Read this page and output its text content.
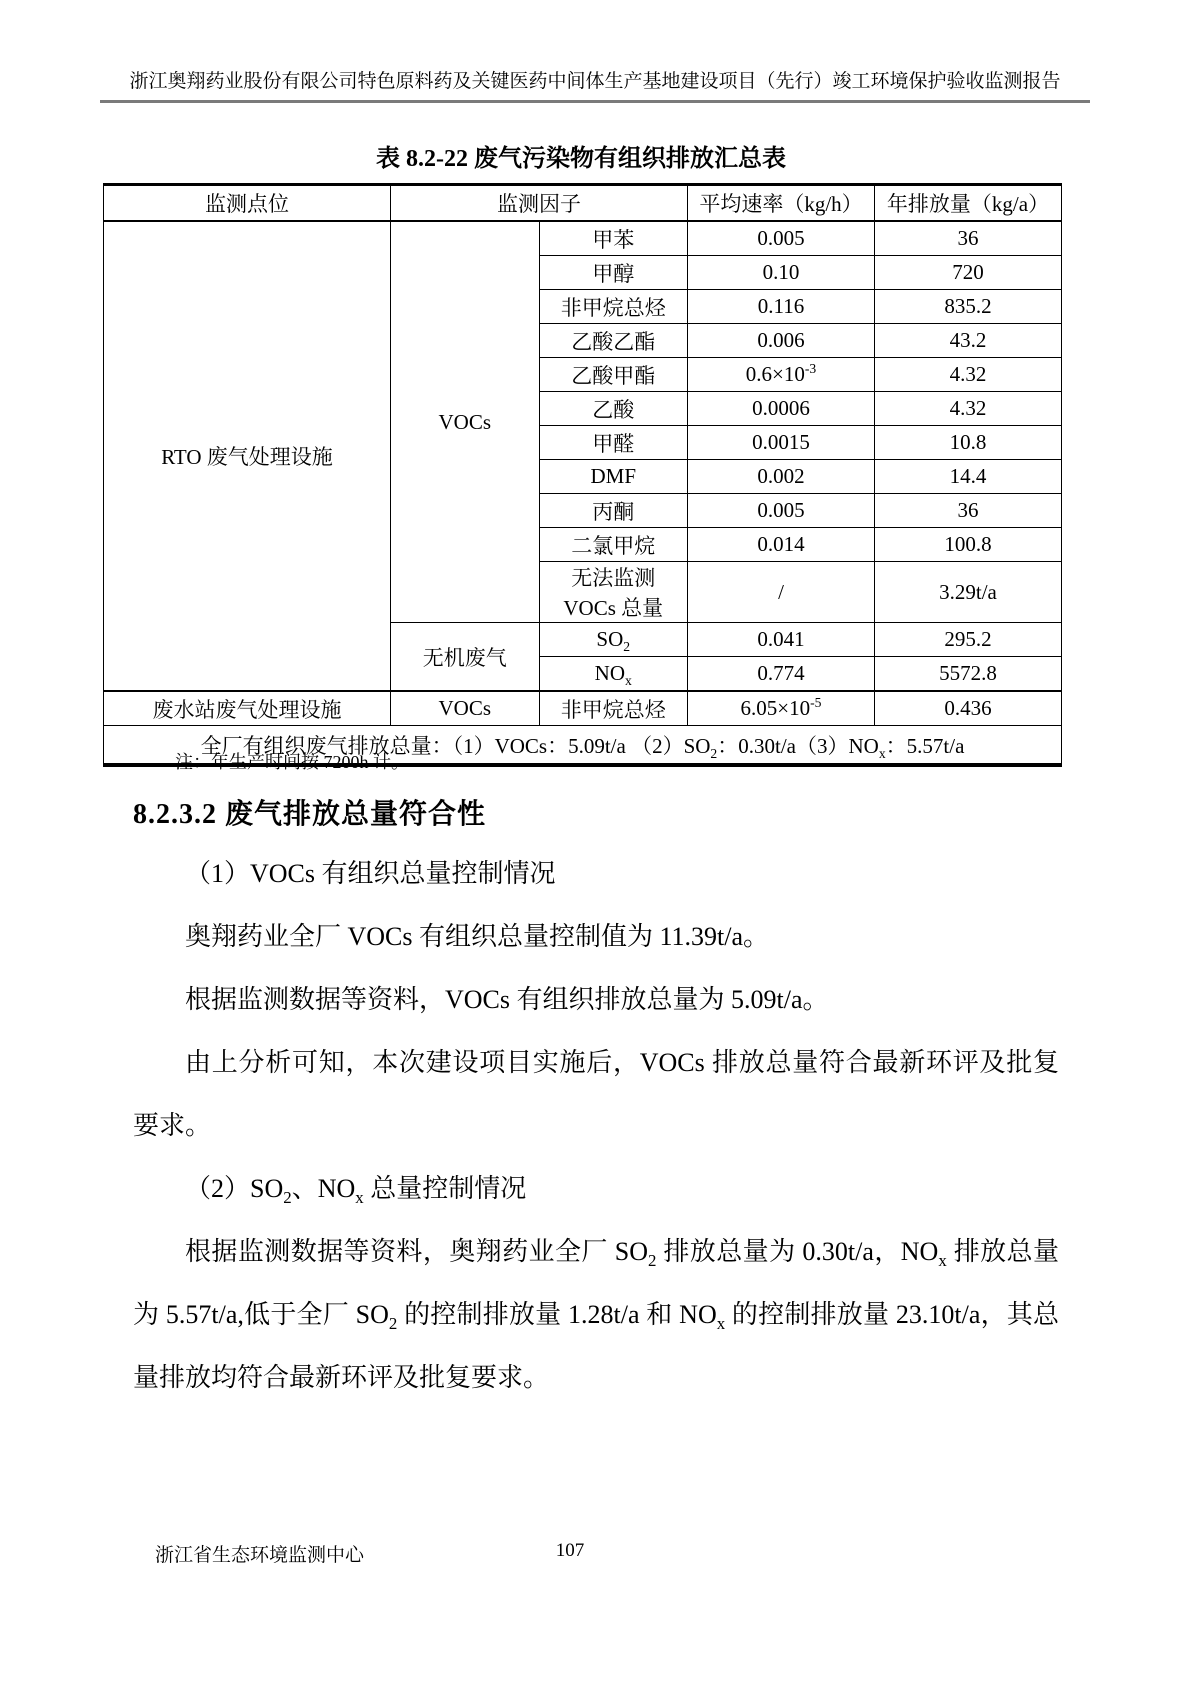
浙江奥翔药业股份有限公司特色原料药及关键医药中间体生产基地建设项目（先行）竣工环境保护验收监测报告
表 8.2-22 废气污染物有组织排放汇总表
监测点位	监测因子		平均速率（kg/h）	年排放量（kg/a）
RTO 废气处理设施	VOCs	甲苯	0.005	36
		甲醇	0.10	720
		非甲烷总烃	0.116	835.2
		乙酸乙酯	0.006	43.2
		乙酸甲酯	$0.6\times 10^{-3}$	4.32
		乙酸	0.0006	4.32
		甲醛	0.0015	10.8
		DMF	0.002	14.4
		丙酮	0.005	36
		二氯甲烷	0.014	100.8
		无法监测 VOCs 总量	/	3.29t/a
	无机废气	$SO_2$	0.041	295.2
		$NO_x$	0.774	5572.8
废水站废气处理设施	VOCs	非甲烷总烃	$6.05\times 10^{-5}$	0.436
全厂有组织废气排放总量：（1）VOCs：5.09t/a $(2)SO_2$：$0.30t/a(3)NO_x$：5.57t/a				
注：年生产时间按 7200h 计。
8.2.3.2 废气排放总量符合性

（1）VOCs 有组织总量控制情况

奥翔药业全厂 VOCs 有组织总量控制值为 11.39t/a。

根据监测数据等资料，VOCs 有组织排放总量为 5.09t/a。

由上分析可知，本次建设项目实施后，VOCs 排放总量符合最新环评及批复要求。

$(2)SO_2$、$NO_x$ 总量控制情况

根据监测数据等资料，奥翔药业全厂 $SO_2$ 排放总量为 0.30t/a，$NO_x$ 排放总量为 5.57t/a,低于全厂 $SO_2$ 的控制排放量 1.28t/a 和 $NO_x$ 的控制排放量 23.10t/a，其总量排放均符合最新环评及批复要求。

浙江省生态环境监测中心	107
